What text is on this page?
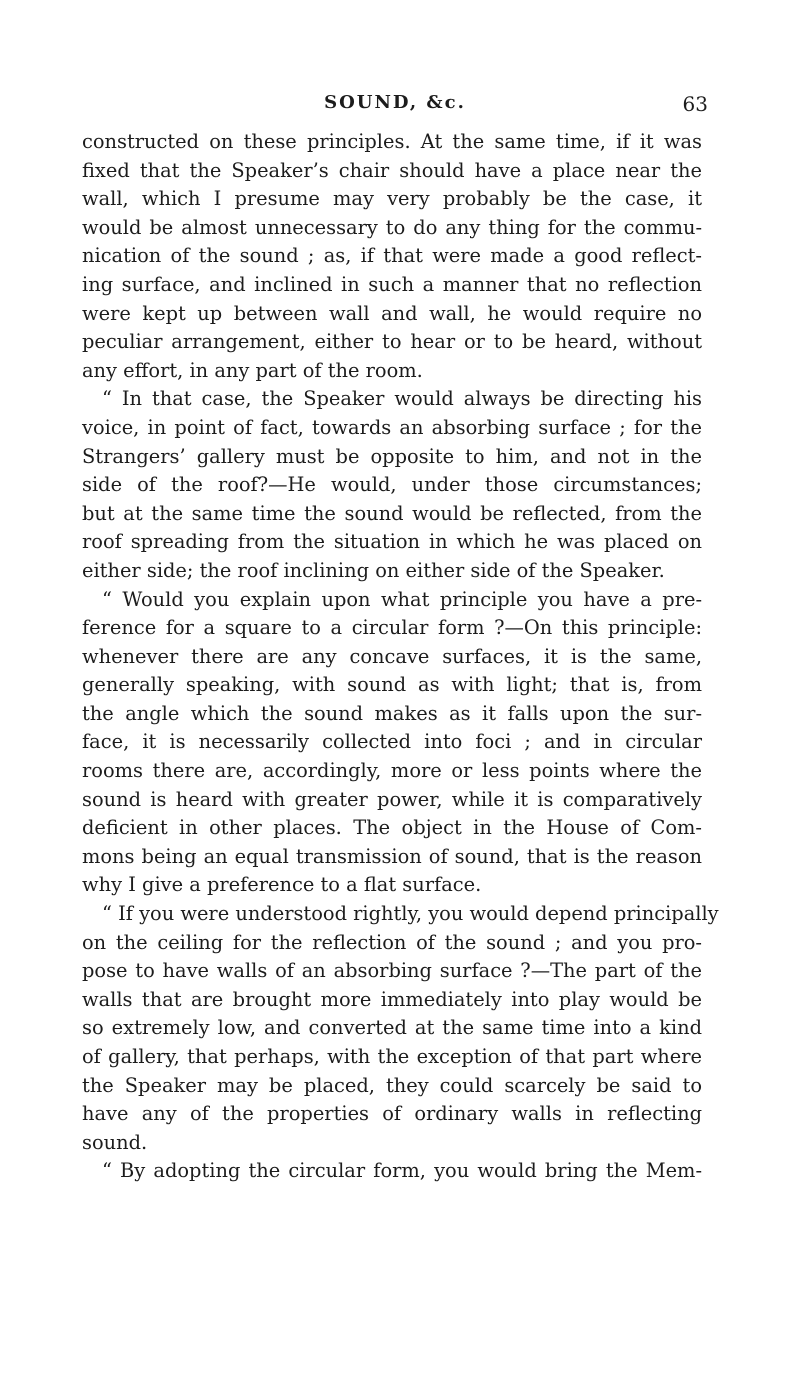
SOUND, &c.	63
constructed on these principles. At the same time, if it was
fixed that the Speaker’s chair should have a place near the
wall, which I presume may very probably be the case, it
would be almost unnecessary to do any thing for the commu-
nication of the sound ; as, if that were made a good reflect-
ing surface, and inclined in such a manner that no reflection
were kept up between wall and wall, he would require no
peculiar arrangement, either to hear or to be heard, without
any effort, in any part of the room.
“ In that case, the Speaker would always be directing his
voice, in point of fact, towards an absorbing surface ; for the
Strangers’ gallery must be opposite to him, and not in the
side of the roof?—He would, under those circumstances;
but at the same time the sound would be reflected, from the
roof spreading from the situation in which he was placed on
either side; the roof inclining on either side of the Speaker.
“ Would you explain upon what principle you have a pre-
ference for a square to a circular form ?—On this principle:
whenever there are any concave surfaces, it is the same,
generally speaking, with sound as with light; that is, from
the angle which the sound makes as it falls upon the sur-
face, it is necessarily collected into foci ; and in circular
rooms there are, accordingly, more or less points where the
sound is heard with greater power, while it is comparatively
deficient in other places. The object in the House of Com-
mons being an equal transmission of sound, that is the reason
why I give a preference to a flat surface.
“ If you were understood rightly, you would depend principally
on the ceiling for the reflection of the sound ; and you pro-
pose to have walls of an absorbing surface ?—The part of the
walls that are brought more immediately into play would be
so extremely low, and converted at the same time into a kind
of gallery, that perhaps, with the exception of that part where
the Speaker may be placed, they could scarcely be said to
have any of the properties of ordinary walls in reflecting
sound.
“ By adopting the circular form, you would bring the Mem-
